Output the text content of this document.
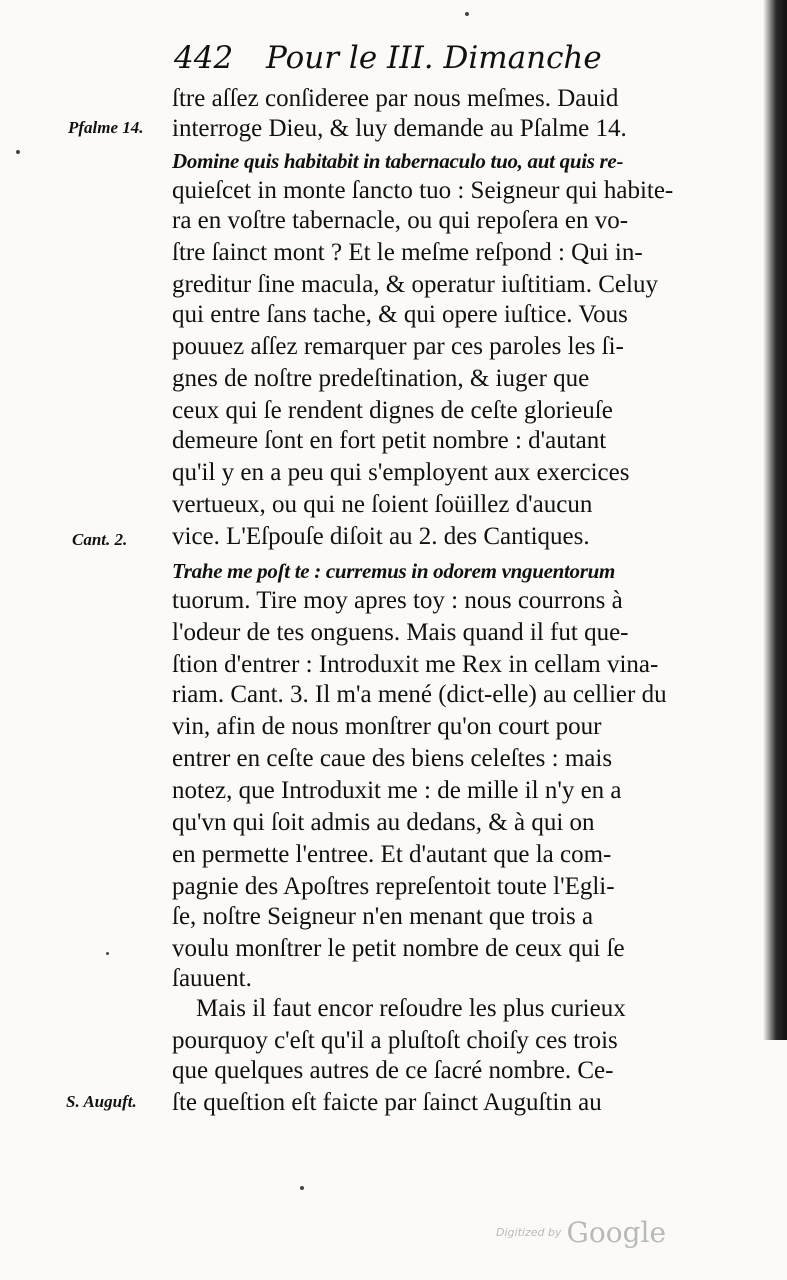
442 Pour le III. Dimanche
Pfalme 14.
Cant. 2.
S. Auguft.
ſtre aſſez conſideree par nous meſmes. Dauid
interroge Dieu, & luy demande au Pſalme 14.
Domine quis habitabit in tabernaculo tuo, aut quis re-
quieſcet in monte ſancto tuo : Seigneur qui habite-
ra en voſtre tabernacle, ou qui repoſera en vo-
ſtre ſainct mont ? Et le meſme reſpond : Qui in-
greditur ſine macula, & operatur iuſtitiam. Celuy
qui entre ſans tache, & qui opere iuſtice. Vous
pouuez aſſez remarquer par ces paroles les ſi-
gnes de noſtre predeſtination, & iuger que
ceux qui ſe rendent dignes de ceſte glorieuſe
demeure ſont en fort petit nombre : d'autant
qu'il y en a peu qui s'employent aux exercices
vertueux, ou qui ne ſoient ſoüillez d'aucun
vice. L'Eſpouſe diſoit au 2. des Cantiques.
Trahe me poſt te : curremus in odorem vnguentorum
tuorum. Tire moy apres toy : nous courrons à
l'odeur de tes onguens. Mais quand il fut que-
ſtion d'entrer : Introduxit me Rex in cellam vina-
riam. Cant. 3. Il m'a mené (dict-elle) au cellier du
vin, afin de nous monſtrer qu'on court pour
entrer en ceſte caue des biens celeſtes : mais
notez, que Introduxit me : de mille il n'y en a
qu'vn qui ſoit admis au dedans, & à qui on
en permette l'entree. Et d'autant que la com-
pagnie des Apoſtres repreſentoit toute l'Egli-
ſe, noſtre Seigneur n'en menant que trois a
voulu monſtrer le petit nombre de ceux qui ſe
ſauuent.
Mais il faut encor reſoudre les plus curieux
pourquoy c'eſt qu'il a pluſtoſt choiſy ces trois
que quelques autres de ce ſacré nombre. Ce-
ſte queſtion eſt faicte par ſainct Auguſtin au
Digitized by Google
